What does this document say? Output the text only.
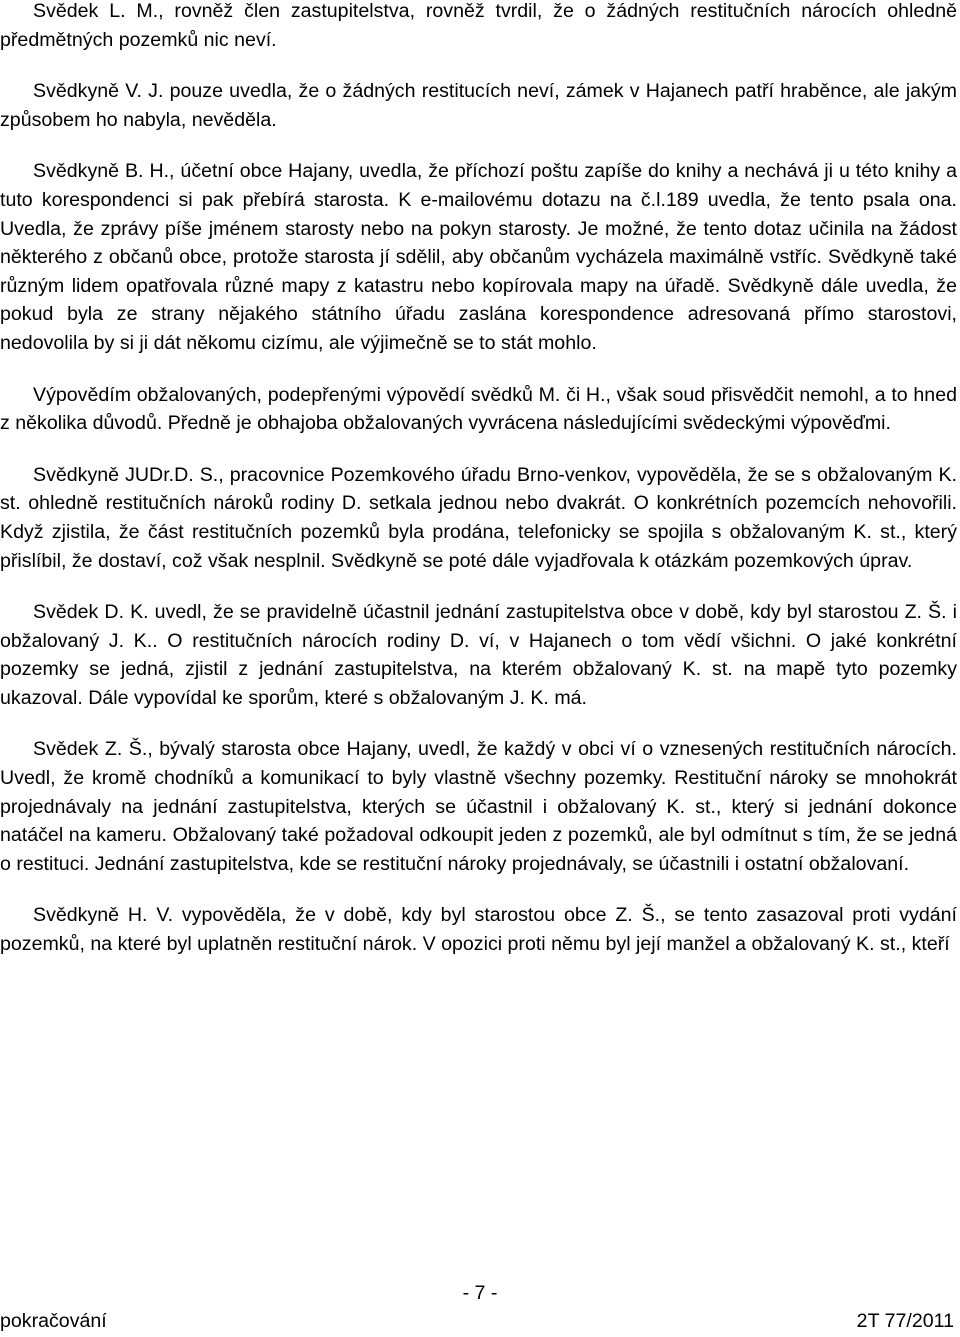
Svědek L. M., rovněž člen zastupitelstva, rovněž tvrdil, že o žádných restitučních nárocích ohledně předmětných pozemků nic neví.

Svědkyně V. J. pouze uvedla, že o žádných restitucích neví, zámek v Hajanech patří hraběnce, ale jakým způsobem ho nabyla, nevěděla.

Svědkyně B. H., účetní obce Hajany, uvedla, že příchozí poštu zapíše do knihy a nechává ji u této knihy a tuto korespondenci si pak přebírá starosta. K e-mailovému dotazu na č.l.189 uvedla, že tento psala ona. Uvedla, že zprávy píše jménem starosty nebo na pokyn starosty. Je možné, že tento dotaz učinila na žádost některého z občanů obce, protože starosta jí sdělil, aby občanům vycházela maximálně vstříc. Svědkyně také různým lidem opatřovala různé mapy z katastru nebo kopírovala mapy na úřadě. Svědkyně dále uvedla, že pokud byla ze strany nějakého státního úřadu zaslána korespondence adresovaná přímo starostovi, nedovolila by si ji dát někomu cizímu, ale výjimečně se to stát mohlo.

Výpovědím obžalovaných, podepřenými výpovědí svědků M. či H., však soud přisvědčit nemohl, a to hned z několika důvodů. Předně je obhajoba obžalovaných vyvrácena následujícími svědeckými výpověďmi.

Svědkyně JUDr.D. S., pracovnice Pozemkového úřadu Brno-venkov, vypověděla, že se s obžalovaným K. st. ohledně restitučních nároků rodiny D. setkala jednou nebo dvakrát. O konkrétních pozemcích nehovořili. Když zjistila, že část restitučních pozemků byla prodána, telefonicky se spojila s obžalovaným K. st., který přislíbil, že dostaví, což však nesplnil. Svědkyně se poté dále vyjadřovala k otázkám pozemkových úprav.

Svědek D. K. uvedl, že se pravidelně účastnil jednání zastupitelstva obce v době, kdy byl starostou Z. Š. i obžalovaný J. K.. O restitučních nárocích rodiny D. ví, v Hajanech o tom vědí všichni. O jaké konkrétní pozemky se jedná, zjistil z jednání zastupitelstva, na kterém obžalovaný K. st. na mapě tyto pozemky ukazoval. Dále vypovídal ke sporům, které s obžalovaným J. K. má.

Svědek Z. Š., bývalý starosta obce Hajany, uvedl, že každý v obci ví o vznesených restitučních nárocích. Uvedl, že kromě chodníků a komunikací to byly vlastně všechny pozemky. Restituční nároky se mnohokrát projednávaly na jednání zastupitelstva, kterých se účastnil i obžalovaný K. st., který si jednání dokonce natáčel na kameru. Obžalovaný také požadoval odkoupit jeden z pozemků, ale byl odmítnut s tím, že se jedná o restituci. Jednání zastupitelstva, kde se restituční nároky projednávaly, se účastnili i ostatní obžalovaní.

Svědkyně H. V. vypověděla, že v době, kdy byl starostou obce Z. Š., se tento zasazoval proti vydání pozemků, na které byl uplatněn restituční nárok. V opozici proti němu byl její manžel a obžalovaný K. st., kteří

- 7 -
pokračování	2T 77/2011
